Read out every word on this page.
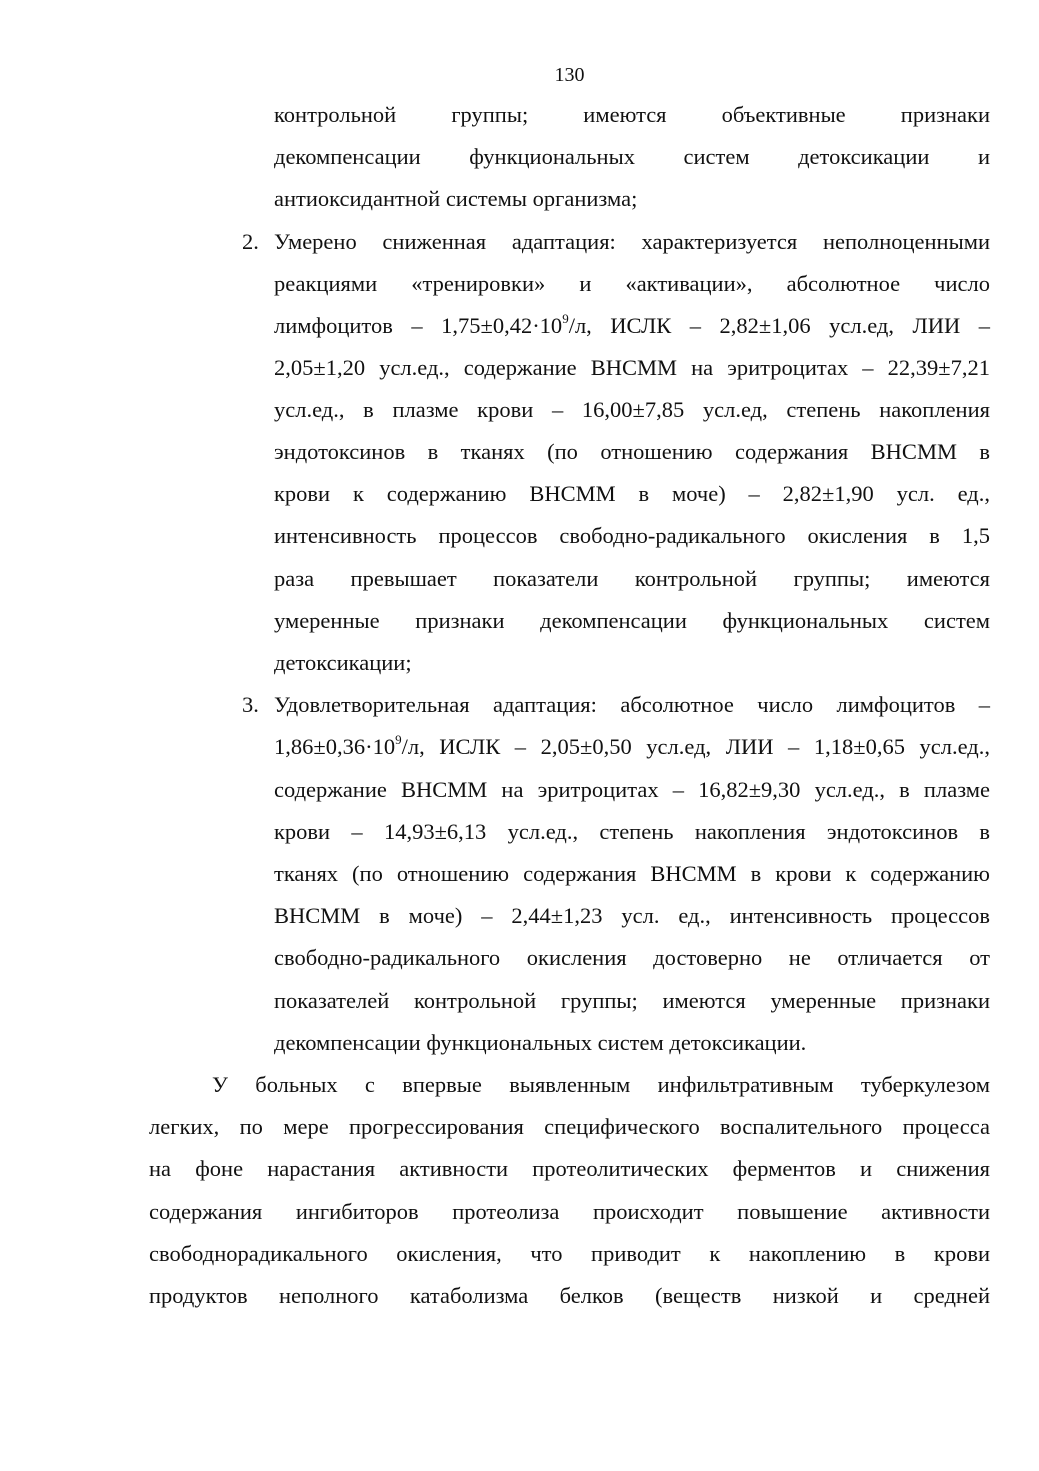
130
контрольной группы; имеются объективные признаки
декомпенсации функциональных систем детоксикации и
антиоксидантной системы организма;
2. Умерено сниженная адаптация: характеризуется неполноценными
реакциями «тренировки» и «активации», абсолютное число
лимфоцитов – $1,75\pm 0,42\cdot 10^9/л$, ИСЛК – 2,82±1,06 усл.ед, ЛИИ –
2,05±1,20 усл.ед., содержание ВНСММ на эритроцитах – 22,39±7,21
усл.ед., в плазме крови – 16,00±7,85 усл.ед, степень накопления
эндотоксинов в тканях (по отношению содержания ВНСММ в
крови к содержанию ВНСММ в моче) – 2,82±1,90 усл. ед.,
интенсивность процессов свободно-радикального окисления в 1,5
раза превышает показатели контрольной группы; имеются
умеренные признаки декомпенсации функциональных систем
детоксикации;
3. Удовлетворительная адаптация: абсолютное число лимфоцитов –
$1,86\pm 0,36\cdot 10^9/л$, ИСЛК – 2,05±0,50 усл.ед, ЛИИ – 1,18±0,65 усл.ед.,
содержание ВНСММ на эритроцитах – 16,82±9,30 усл.ед., в плазме
крови – 14,93±6,13 усл.ед., степень накопления эндотоксинов в
тканях (по отношению содержания ВНСММ в крови к содержанию
ВНСММ в моче) – 2,44±1,23 усл. ед., интенсивность процессов
свободно-радикального окисления достоверно не отличается от
показателей контрольной группы; имеются умеренные признаки
декомпенсации функциональных систем детоксикации.
У больных с впервые выявленным инфильтративным туберкулезом
легких, по мере прогрессирования специфического воспалительного процесса
на фоне нарастания активности протеолитических ферментов и снижения
содержания ингибиторов протеолиза происходит повышение активности
свободнорадикального окисления, что приводит к накоплению в крови
продуктов неполного катаболизма белков (веществ низкой и средней
